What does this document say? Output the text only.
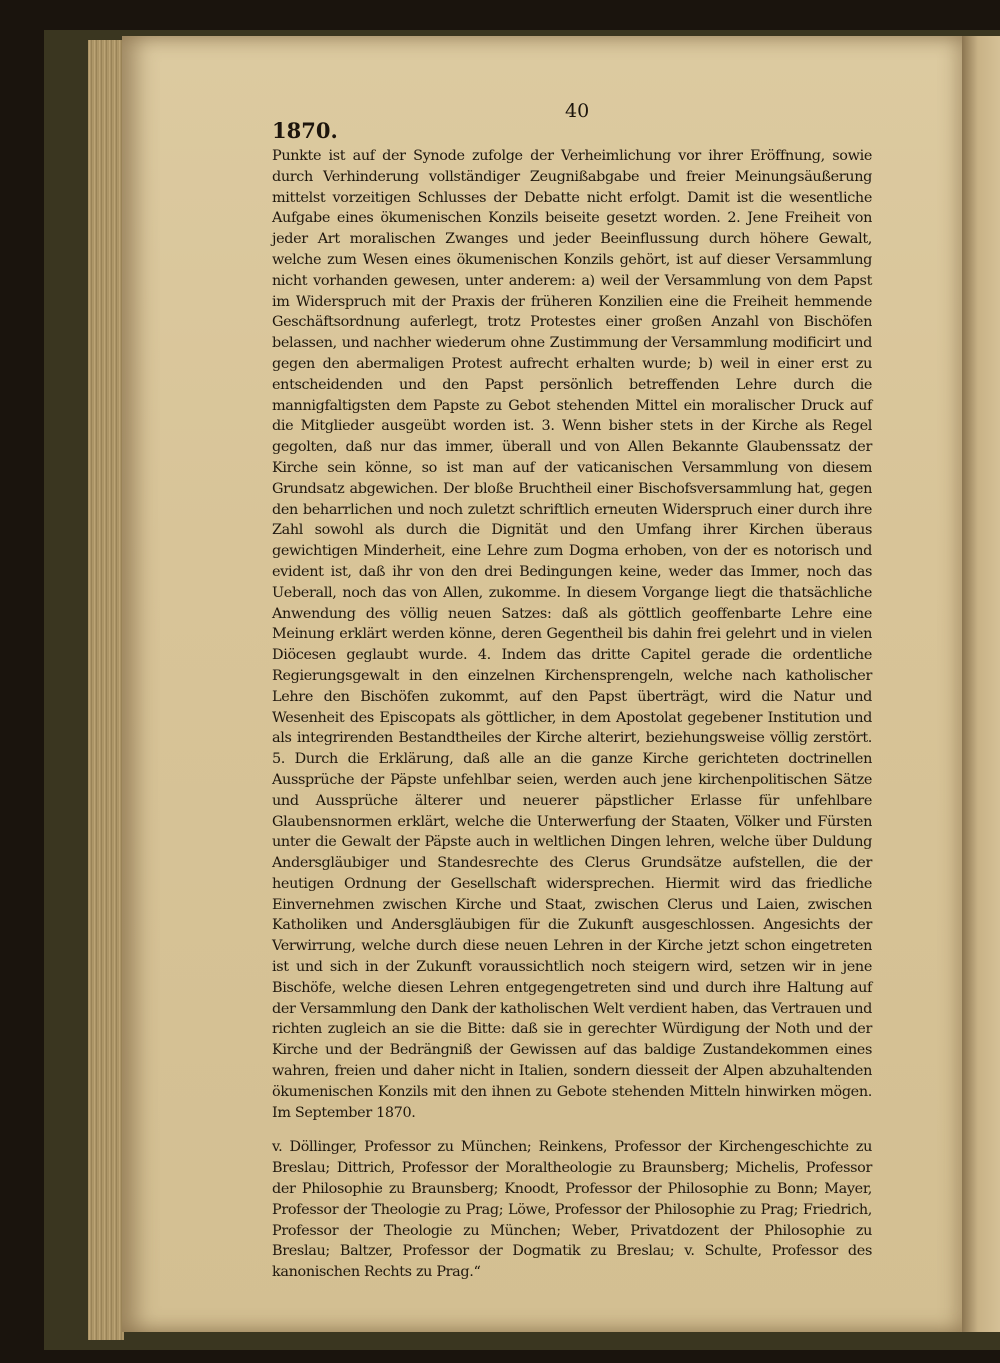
1870.
40

Punkte ist auf der Synode zufolge der Verheimlichung vor ihrer Eröffnung, sowie durch Verhinderung vollständiger Zeugnißabgabe und freier Meinungsäußerung mittelst vorzeitigen Schlusses der Debatte nicht erfolgt. Damit ist die wesentliche Aufgabe eines ökumenischen Konzils beiseite gesetzt worden. 2. Jene Freiheit von jeder Art moralischen Zwanges und jeder Beeinflussung durch höhere Gewalt, welche zum Wesen eines ökumenischen Konzils gehört, ist auf dieser Versammlung nicht vorhanden gewesen, unter anderem: a) weil der Versammlung von dem Papst im Widerspruch mit der Praxis der früheren Konzilien eine die Freiheit hemmende Geschäftsordnung auferlegt, trotz Protestes einer großen Anzahl von Bischöfen belassen, und nachher wiederum ohne Zustimmung der Versammlung modificirt und gegen den abermaligen Protest aufrecht erhalten wurde; b) weil in einer erst zu entscheidenden und den Papst persönlich betreffenden Lehre durch die mannigfaltigsten dem Papste zu Gebot stehenden Mittel ein moralischer Druck auf die Mitglieder ausgeübt worden ist. 3. Wenn bisher stets in der Kirche als Regel gegolten, daß nur das immer, überall und von Allen Bekannte Glaubenssatz der Kirche sein könne, so ist man auf der vaticanischen Versammlung von diesem Grundsatz abgewichen. Der bloße Bruchtheil einer Bischofsversammlung hat, gegen den beharrlichen und noch zuletzt schriftlich erneuten Widerspruch einer durch ihre Zahl sowohl als durch die Dignität und den Umfang ihrer Kirchen überaus gewichtigen Minderheit, eine Lehre zum Dogma erhoben, von der es notorisch und evident ist, daß ihr von den drei Bedingungen keine, weder das Immer, noch das Ueberall, noch das von Allen, zukomme. In diesem Vorgange liegt die thatsächliche Anwendung des völlig neuen Satzes: daß als göttlich geoffenbarte Lehre eine Meinung erklärt werden könne, deren Gegentheil bis dahin frei gelehrt und in vielen Diöcesen geglaubt wurde. 4. Indem das dritte Capitel gerade die ordentliche Regierungsgewalt in den einzelnen Kirchensprengeln, welche nach katholischer Lehre den Bischöfen zukommt, auf den Papst überträgt, wird die Natur und Wesenheit des Episcopats als göttlicher, in dem Apostolat gegebener Institution und als integrirenden Bestandtheiles der Kirche alterirt, beziehungsweise völlig zerstört. 5. Durch die Erklärung, daß alle an die ganze Kirche gerichteten doctrinellen Aussprüche der Päpste unfehlbar seien, werden auch jene kirchenpolitischen Sätze und Aussprüche älterer und neuerer päpstlicher Erlasse für unfehlbare Glaubensnormen erklärt, welche die Unterwerfung der Staaten, Völker und Fürsten unter die Gewalt der Päpste auch in weltlichen Dingen lehren, welche über Duldung Andersgläubiger und Standesrechte des Clerus Grundsätze aufstellen, die der heutigen Ordnung der Gesellschaft widersprechen. Hiermit wird das friedliche Einvernehmen zwischen Kirche und Staat, zwischen Clerus und Laien, zwischen Katholiken und Andersgläubigen für die Zukunft ausgeschlossen. Angesichts der Verwirrung, welche durch diese neuen Lehren in der Kirche jetzt schon eingetreten ist und sich in der Zukunft voraussichtlich noch steigern wird, setzen wir in jene Bischöfe, welche diesen Lehren entgegengetreten sind und durch ihre Haltung auf der Versammlung den Dank der katholischen Welt verdient haben, das Vertrauen und richten zugleich an sie die Bitte: daß sie in gerechter Würdigung der Noth und der Kirche und der Bedrängniß der Gewissen auf das baldige Zustandekommen eines wahren, freien und daher nicht in Italien, sondern diesseit der Alpen abzuhaltenden ökumenischen Konzils mit den ihnen zu Gebote stehenden Mitteln hinwirken mögen. Im September 1870.

v. Döllinger, Professor zu München; Reinkens, Professor der Kirchengeschichte zu Breslau; Dittrich, Professor der Moraltheologie zu Braunsberg; Michelis, Professor der Philosophie zu Braunsberg; Knoodt, Professor der Philosophie zu Bonn; Mayer, Professor der Theologie zu Prag; Löwe, Professor der Philosophie zu Prag; Friedrich, Professor der Theologie zu München; Weber, Privatdozent der Philosophie zu Breslau; Baltzer, Professor der Dogmatik zu Breslau; v. Schulte, Professor des kanonischen Rechts zu Prag.“
